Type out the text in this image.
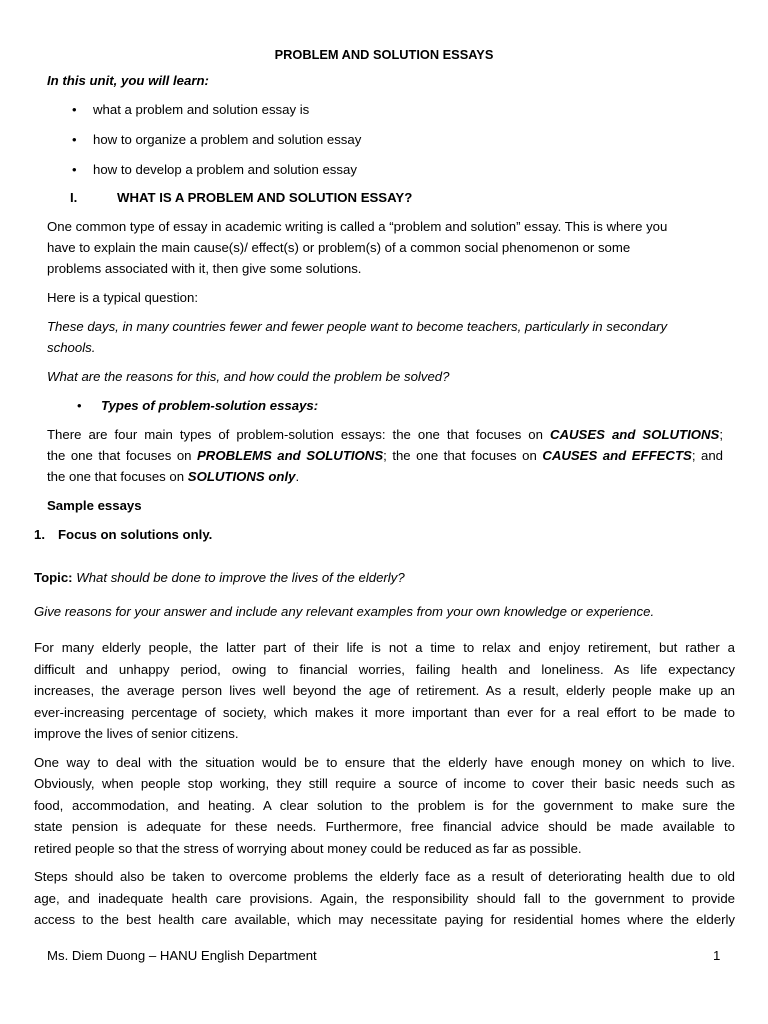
PROBLEM AND SOLUTION ESSAYS

In this unit, you will learn:

• what a problem and solution essay is

• how to organize a problem and solution essay

• how to develop a problem and solution essay

I.	WHAT IS A PROBLEM AND SOLUTION ESSAY?

One common type of essay in academic writing is called a “problem and solution” essay. This is where you

have to explain the main cause(s)/ effect(s) or problem(s) of a common social phenomenon or some

problems associated with it, then give some solutions.

Here is a typical question:

These days, in many countries fewer and fewer people want to become teachers, particularly in secondary

schools.

What are the reasons for this, and how could the problem be solved?

• Types of problem-solution essays:

There are four main types of problem-solution essays: the one that focuses on CAUSES and SOLUTIONS;

the one that focuses on PROBLEMS and SOLUTIONS; the one that focuses on CAUSES and EFFECTS; and

the one that focuses on SOLUTIONS only.

Sample essays

1. Focus on solutions only.

Topic: What should be done to improve the lives of the elderly?

Give reasons for your answer and include any relevant examples from your own knowledge or experience.

For many elderly people, the latter part of their life is not a time to relax and enjoy retirement, but rather a

difficult and unhappy period, owing to financial worries, failing health and loneliness. As life expectancy

increases, the average person lives well beyond the age of retirement. As a result, elderly people make up an

ever-increasing percentage of society, which makes it more important than ever for a real effort to be made to

improve the lives of senior citizens.

One way to deal with the situation would be to ensure that the elderly have enough money on which to live.

Obviously, when people stop working, they still require a source of income to cover their basic needs such as

food, accommodation, and heating. A clear solution to the problem is for the government to make sure the

state pension is adequate for these needs. Furthermore, free financial advice should be made available to

retired people so that the stress of worrying about money could be reduced as far as possible.

Steps should also be taken to overcome problems the elderly face as a result of deteriorating health due to old

age, and inadequate health care provisions. Again, the responsibility should fall to the government to provide

access to the best health care available, which may necessitate paying for residential homes where the elderly

Ms. Diem Duong – HANU English Department	1
